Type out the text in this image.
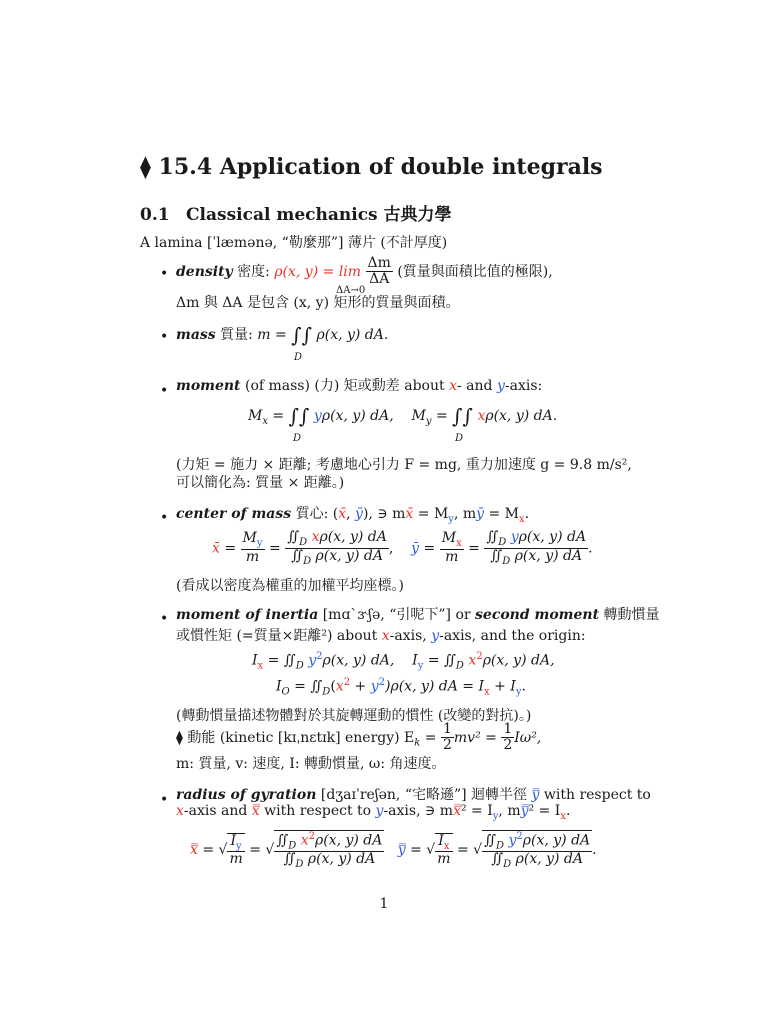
⧫ 15.4 Application of double integrals
0.1 Classical mechanics 古典力學
A lamina [ˈlæmənə, “勒麼那”] 薄片 (不計厚度)
• density 密度: ρ(x, $y) = \lim \frac{\Delta m}{\Delta A}$ (質量與面積比值的極限),
ΔA→0
Δm 與 ΔA 是包含 (x, y) 矩形的質量與面積。
• mass 質量: m = ∫∫ ρ(x, y) dA.
D
• moment (of mass) (力) 矩或動差 about x- and y-axis:
$M_x$ = ∫∫ yρ(x, y) dA, $M_y$ = ∫∫ xρ(x, y) dA.
D	D
(力矩 = 施力 × 距離; 考慮地心引力 F = mg, 重力加速度 g = 9.8 m/s²,
可以簡化為: 質量 × 距離。)
• center of mass 質心: (x̄, ȳ), ∋ mx̄ = $M_y$, mȳ = $M_x$.
x̄ = $\frac{M_y}{m} = \frac{∬_D x\rho(x, y) dA}{∬_D \rho(x, y) dA}$ ,    ȳ = $\frac{M_x}{m} = \frac{∬_D y\rho(x, y) dA}{∬_D \rho(x, y) dA}$ .
(看成以密度為權重的加權平均座標。)
• moment of inertia [mɑˋɝʃə, “引呢下”] or second moment 轉動慣量
或慣性矩 (=質量×距離²) about x-axis, y-axis, and the origin:
$I_x$ = $∬_D$ $y^2\rho(x$, y) dA, $I_y$ = $∬_D$ $x^2\rho(x$, y) dA,
$I_O$ = $∬_D(x^2 + y^2)\rho(x$, y) dA = $I_x + I_y$.
(轉動慣量描述物體對於其旋轉運動的慣性 (改變的對抗)。)
⧫ 動能 (kinetic [kɪˌnɛtɪk] energy) $E_k = \frac{1}{2} mv^2 = \frac{1}{2} I\omega^2$,
m: 質量, v: 速度, I: 轉動慣量, ω: 角速度。
• radius of gyration [dʒaɪˈreʃən, “宅略遜”] 迴轉半徑 y̿ with respect to
x-axis and x̿ with respect to y-axis, ∋ mx̿² = $I_y$, my̿² = $I_x$.
x̿ = √ $\frac{I_y}{m}$ = √ $\frac{∬_D x^2\rho(x, y) dA}{∬_D \rho(x, y) dA}$ y̿ = √ $\frac{I_x}{m}$ = √ $\frac{∬_D y^2\rho(x, y) dA}{∬_D \rho(x, y) dA}$ .
1
